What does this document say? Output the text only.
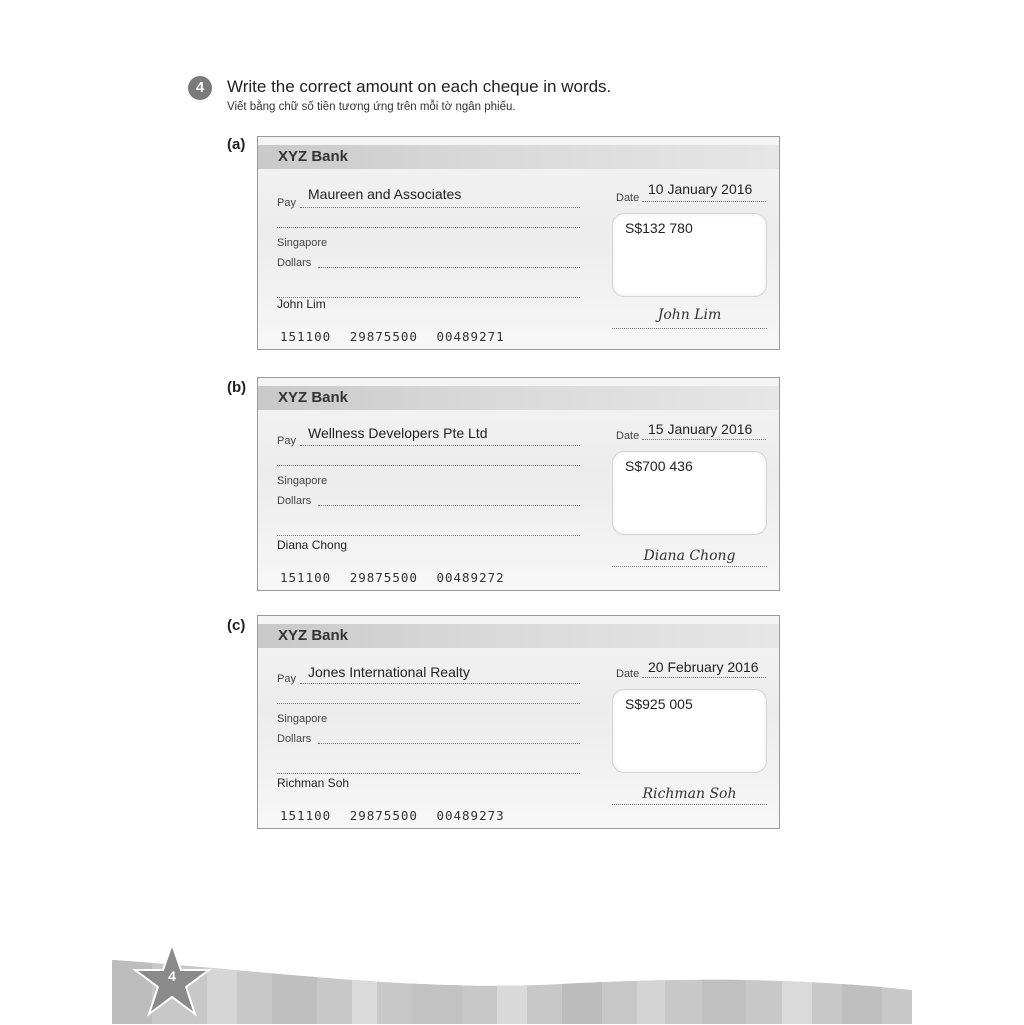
4	Write the correct amount on each cheque in words.
Viết bằng chữ số tiền tương ứng trên mỗi tờ ngân phiếu.
(a)
XYZ Bank
Pay
Maureen and Associates
Singapore
Dollars
Date
10 January 2016
S$132 780
John Lim
John Lim
151100 29875500 00489271
(b)
XYZ Bank
Pay Wellness Developers Pte Ltd
Singapore
Dollars
Date 15 January 2016
S$700 436
Diana Chong
Diana Chong
151100 29875500 00489272
(c)
XYZ Bank
Pay Jones International Realty
Singapore
Dollars
Date 20 February 2016
S$925 005
Richman Soh
Richman Soh
151100 29875500 00489273
4
